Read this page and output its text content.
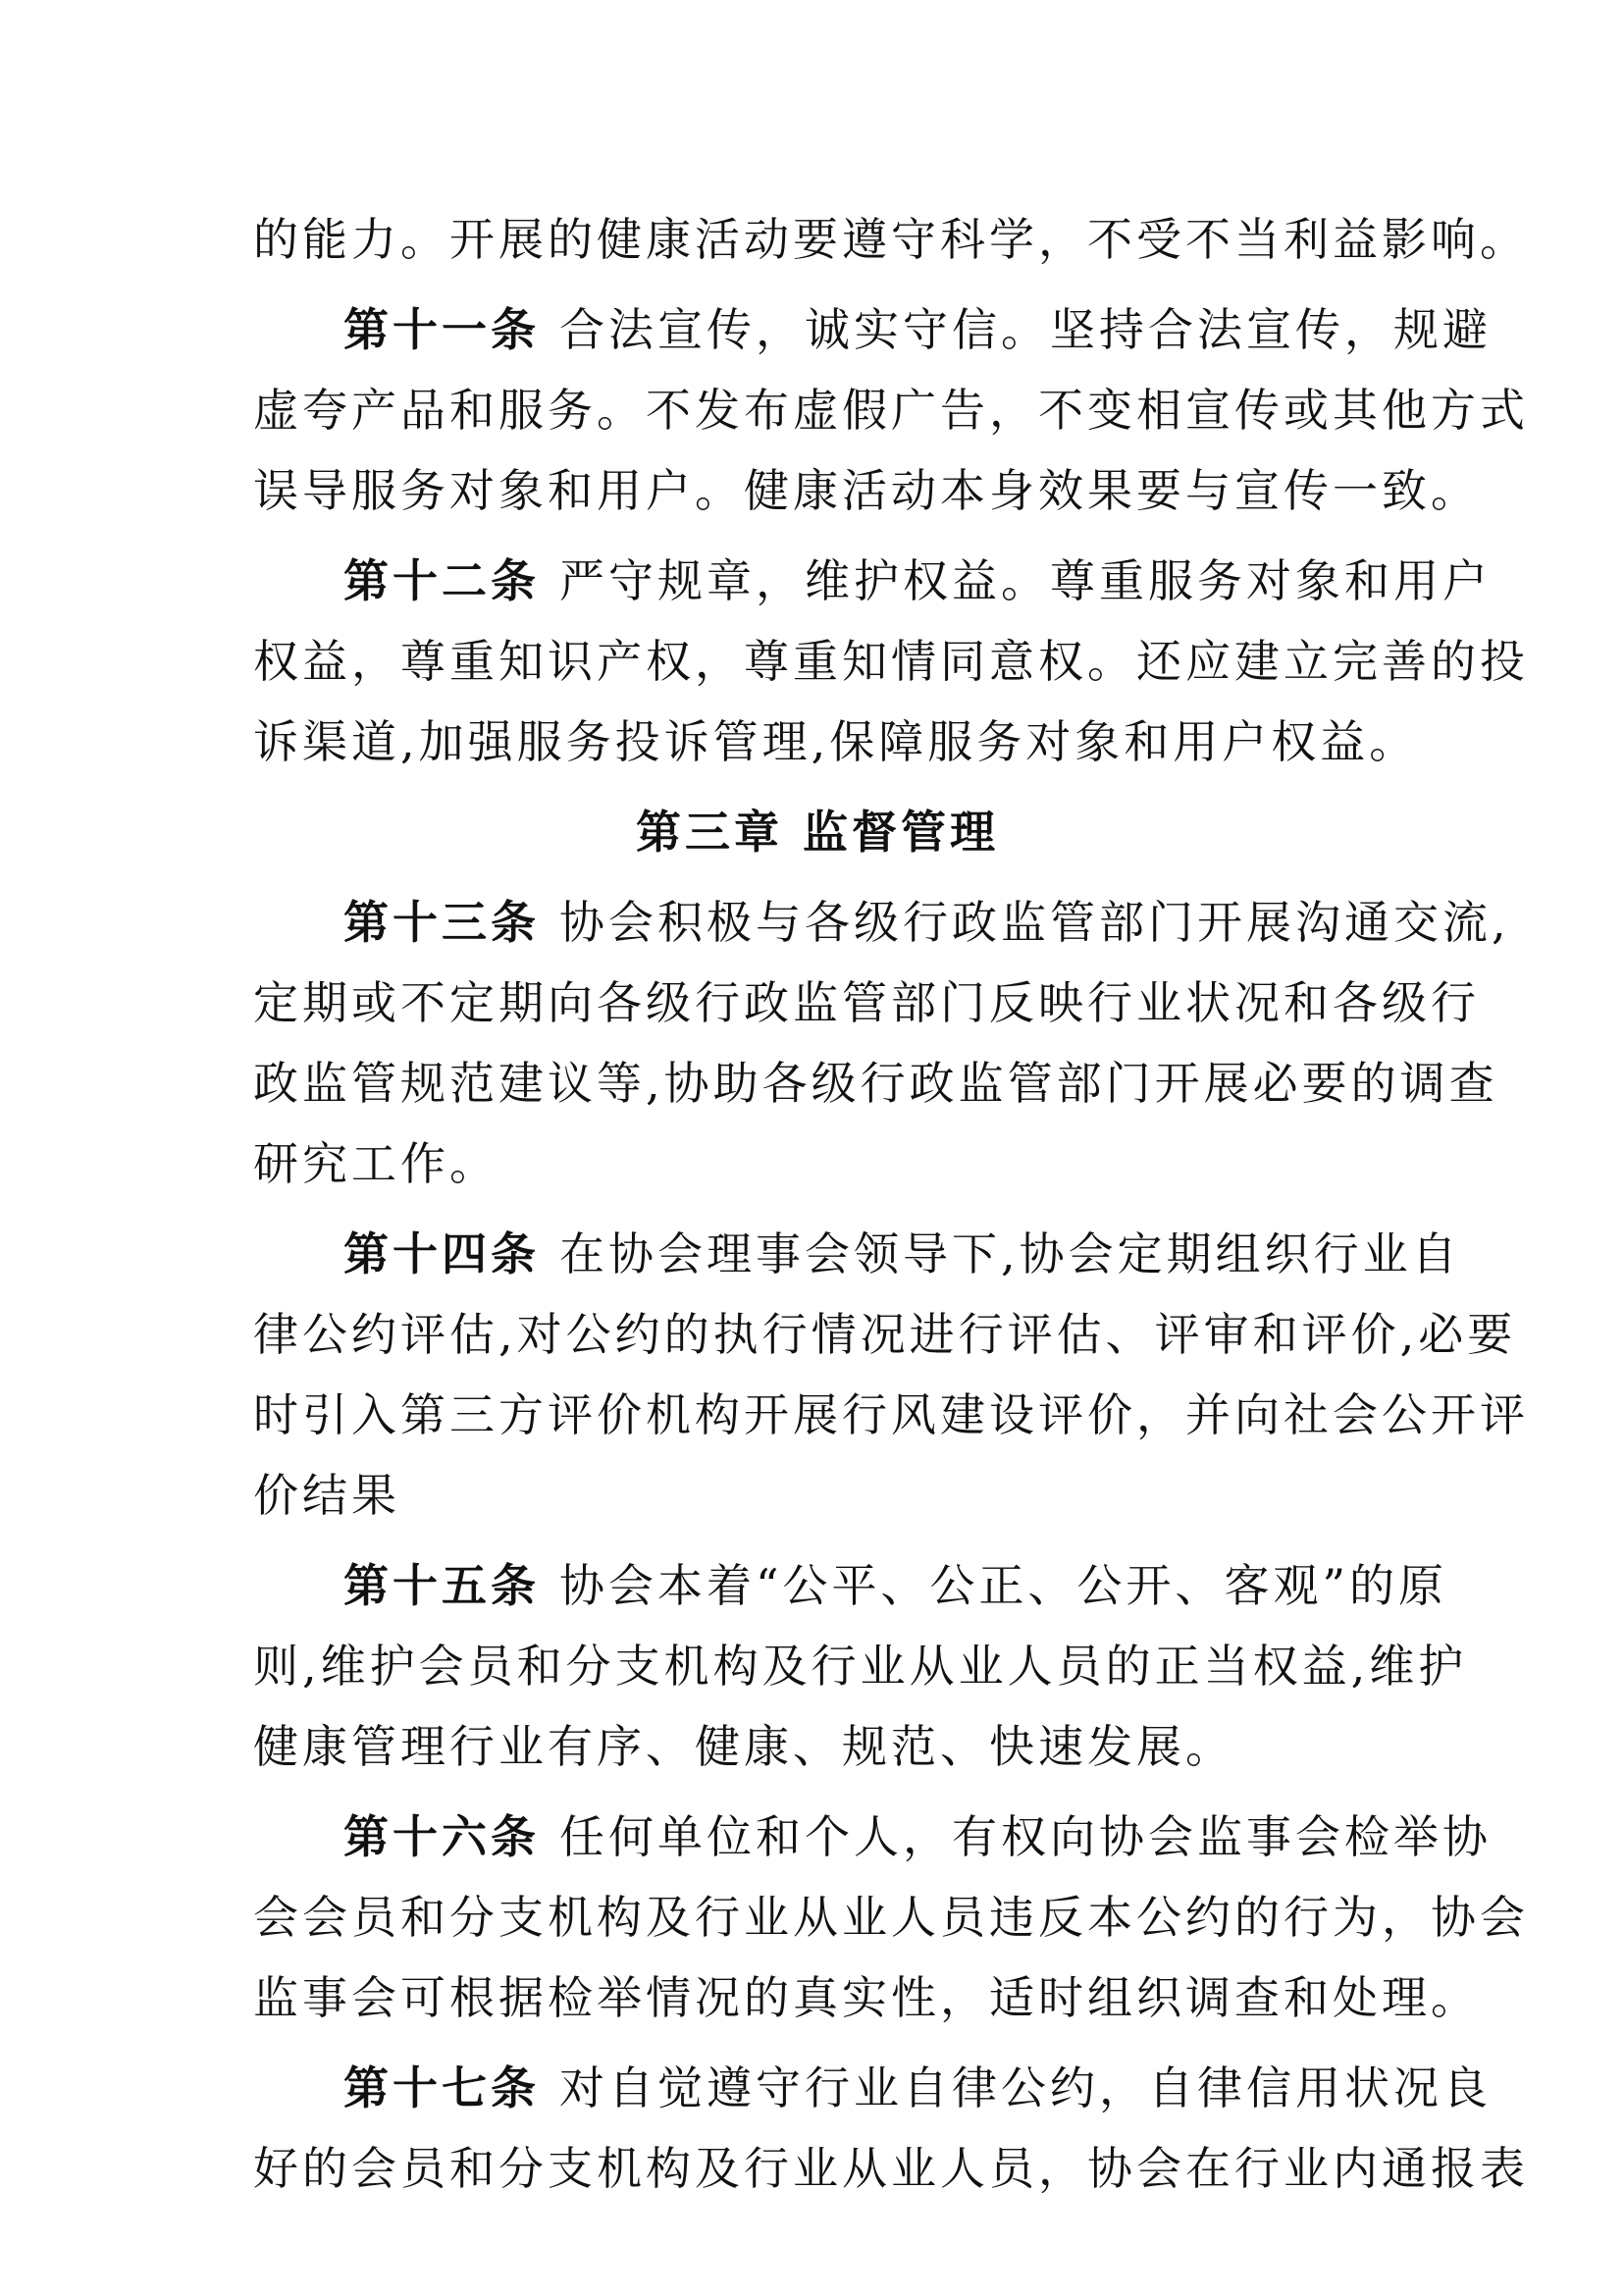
的能力。开展的健康活动要遵守科学，不受不当利益影响。
第十一条 合法宣传，诚实守信。坚持合法宣传，规避
虚夸产品和服务。不发布虚假广告，不变相宣传或其他方式
误导服务对象和用户。健康活动本身效果要与宣传一致。
第十二条 严守规章，维护权益。尊重服务对象和用户
权益，尊重知识产权，尊重知情同意权。还应建立完善的投
诉渠道,加强服务投诉管理,保障服务对象和用户权益。
第三章 监督管理
第十三条 协会积极与各级行政监管部门开展沟通交流,
定期或不定期向各级行政监管部门反映行业状况和各级行
政监管规范建议等,协助各级行政监管部门开展必要的调查
研究工作。
第十四条 在协会理事会领导下,协会定期组织行业自
律公约评估,对公约的执行情况进行评估、评审和评价,必要
时引入第三方评价机构开展行风建设评价，并向社会公开评
价结果
第十五条 协会本着“公平、公正、公开、客观”的原
则,维护会员和分支机构及行业从业人员的正当权益,维护
健康管理行业有序、健康、规范、快速发展。
第十六条 任何单位和个人，有权向协会监事会检举协
会会员和分支机构及行业从业人员违反本公约的行为，协会
监事会可根据检举情况的真实性，适时组织调查和处理。
第十七条 对自觉遵守行业自律公约，自律信用状况良
好的会员和分支机构及行业从业人员，协会在行业内通报表
